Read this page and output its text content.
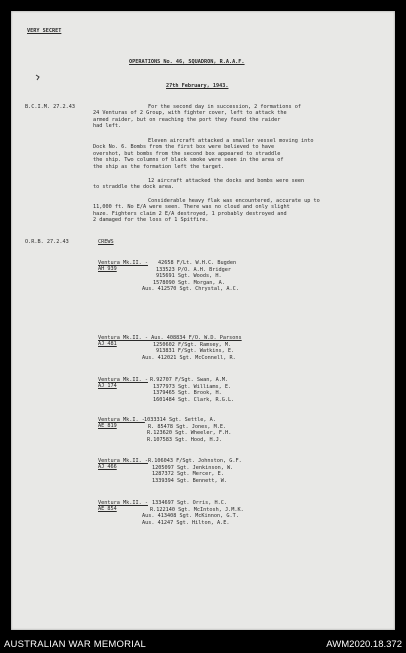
VERY SECRET
OPERATIONS No. 46, SQUADRON, R.A.A.F.
27th February, 1943.
B.C.I.M. 27.2.43	For the second day in succession, 2 formations of
24 Venturas of 2 Group, with fighter cover, left to attack the
armed raider, but on reaching the port they found the raider
had left.
Eleven aircraft attacked a smaller vessel moving into
Dock No. 6. Bombs from the first box were believed to have
overshot, but bombs from the second box appeared to straddle
the ship. Two columns of black smoke were seen in the area of
the ship as the formation left the target.
12 aircraft attacked the docks and bombs were seen
to straddle the dock area.
Considerable heavy flak was encountered, accurate up to
11,000 ft. No E/A were seen. There was no cloud and only slight
haze. Fighters claim 2 E/A destroyed, 1 probably destroyed and
2 damaged for the loss of 1 Spitfire.
O.R.B. 27.2.43	CREWS
Ventura Mk.II. -
AH 939
42658 F/Lt. W.H.C. Bugden
133523 P/O. A.H. Bridger
915691 Sgt. Woods, H.
1578090 Sgt. Morgan, A.
Aus. 412570 Sgt. Chrystal, A.C.
Ventura Mk.II. - Aus. 408834 F/O. W.D. Parsons
AJ 481	1250602 F/Sgt. Ramsey, M.
913831 F/Sgt. Watkins, E.
Aus. 412021 Sgt. McConnell, R.
Ventura Mk.II. -
AJ 174
R.92707 F/Sgt. Swan, A.M.
1377973 Sgt. Williams, E.
1379465 Sgt. Brook, H.
1601484 Sgt. Clark, R.G.L.
Ventura Mk.I. -
AE 819
1033314 Sgt. Settle, A.
R. 85478 Sgt. Jones, M.E.
R.123620 Sgt. Wheeler, F.H.
R.107583 Sgt. Hood, H.J.
Ventura Mk.II. -
AJ 466
R.106043 F/Sgt. Johnston, G.F.
1205097 Sgt. Jenkinson, W.
1287372 Sgt. Mercer, E.
1339394 Sgt. Bennett, W.
Ventura Mk.II. -
AE 854
1334697 Sgt. Orris, H.C.
R.122140 Sgt. McIntosh, J.M.K.
Aus. 413408 Sgt. McKinnon, G.T.
Aus. 41247 Sgt. Hilton, A.E.
AUSTRALIAN WAR MEMORIAL	AWM2020.18.372
